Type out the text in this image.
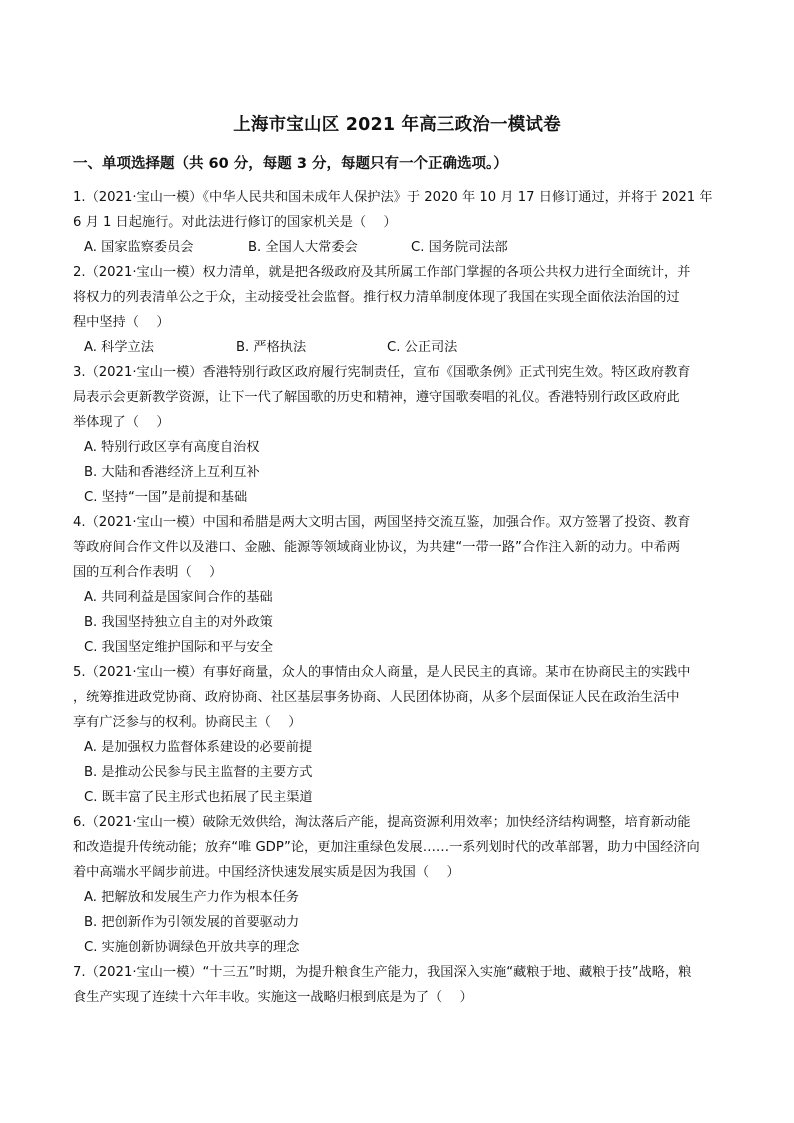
上海市宝山区 2021 年高三政治一模试卷
一、单项选择题（共 60 分，每题 3 分，每题只有一个正确选项。）
1.（2021·宝山一模）《中华人民共和国未成年人保护法》于 2020 年 10 月 17 日修订通过，并将于 2021 年
6 月 1 日起施行。对此法进行修订的国家机关是（　 ）
A. 国家监察委员会	B. 全国人大常委会	C. 国务院司法部
2.（2021·宝山一模）权力清单，就是把各级政府及其所属工作部门掌握的各项公共权力进行全面统计，并
将权力的列表清单公之于众，主动接受社会监督。推行权力清单制度体现了我国在实现全面依法治国的过
程中坚持（　 ）
A. 科学立法	B. 严格执法	C. 公正司法
3.（2021·宝山一模）香港特别行政区政府履行宪制责任，宣布《国歌条例》正式刊宪生效。特区政府教育
局表示会更新教学资源，让下一代了解国歌的历史和精神，遵守国歌奏唱的礼仪。香港特别行政区政府此
举体现了（　 ）
A. 特别行政区享有高度自治权
B. 大陆和香港经济上互利互补
C. 坚持“一国”是前提和基础
4.（2021·宝山一模）中国和希腊是两大文明古国，两国坚持交流互鉴，加强合作。双方签署了投资、教育
等政府间合作文件以及港口、金融、能源等领域商业协议，为共建“一带一路”合作注入新的动力。中希两
国的互利合作表明（　 ）
A. 共同利益是国家间合作的基础
B. 我国坚持独立自主的对外政策
C. 我国坚定维护国际和平与安全
5.（2021·宝山一模）有事好商量，众人的事情由众人商量，是人民民主的真谛。某市在协商民主的实践中
，统筹推进政党协商、政府协商、社区基层事务协商、人民团体协商，从多个层面保证人民在政治生活中
享有广泛参与的权利。协商民主（　 ）
A. 是加强权力监督体系建设的必要前提
B. 是推动公民参与民主监督的主要方式
C. 既丰富了民主形式也拓展了民主渠道
6.（2021·宝山一模）破除无效供给，淘汰落后产能，提高资源利用效率；加快经济结构调整，培育新动能
和改造提升传统动能；放弃“唯 GDP”论，更加注重绿色发展……一系列划时代的改革部署，助力中国经济向
着中高端水平阔步前进。中国经济快速发展实质是因为我国（　 ）
A. 把解放和发展生产力作为根本任务
B. 把创新作为引领发展的首要驱动力
C. 实施创新协调绿色开放共享的理念
7.（2021·宝山一模）“十三五”时期，为提升粮食生产能力，我国深入实施“藏粮于地、藏粮于技”战略，粮
食生产实现了连续十六年丰收。实施这一战略归根到底是为了（　 ）
